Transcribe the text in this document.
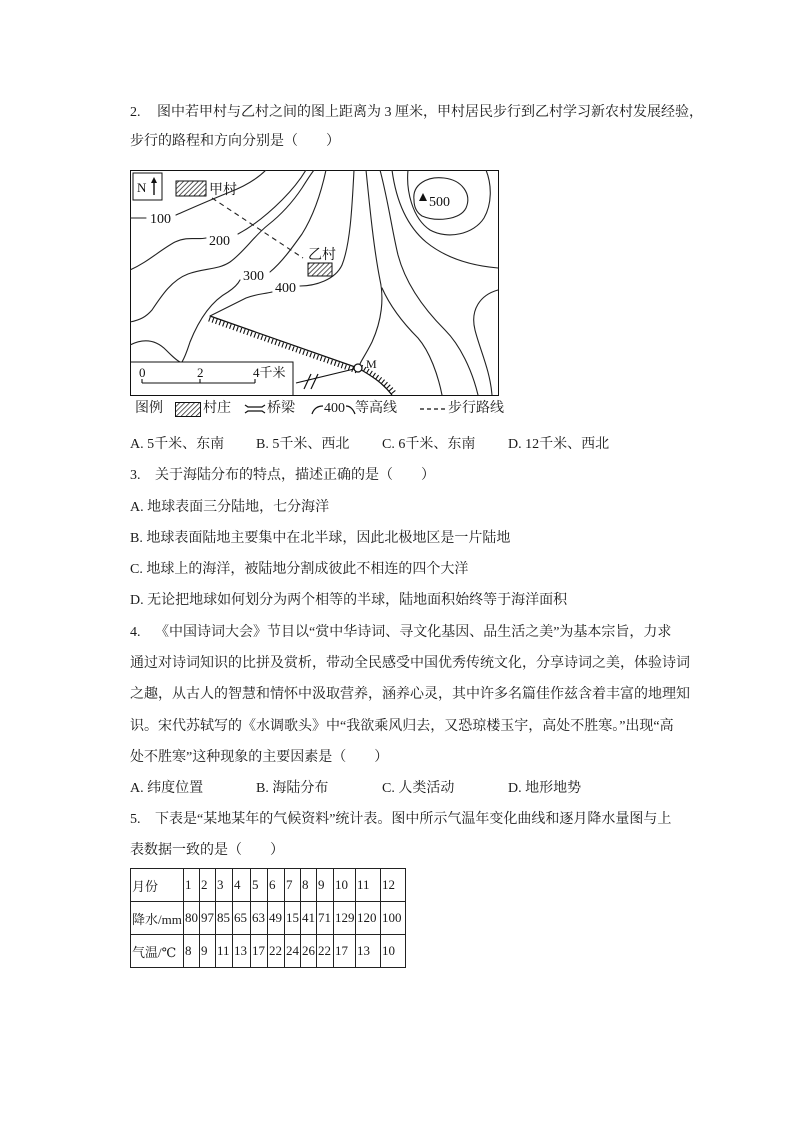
2. 图中若甲村与乙村之间的图上距离为 3 厘米，甲村居民步行到乙村学习新农村发展经验，
步行的路程和方向分别是（　　）
M
N	甲村
乙村
100
200
300
400
500
0	2	4千米
图例	村庄	桥梁 400 等高线	步行路线
A. 5千米、东南 B. 5千米、西北 C. 6千米、东南 D. 12千米、西北
3. 关于海陆分布的特点，描述正确的是（　　）
A. 地球表面三分陆地，七分海洋
B. 地球表面陆地主要集中在北半球，因此北极地区是一片陆地
C. 地球上的海洋，被陆地分割成彼此不相连的四个大洋
D. 无论把地球如何划分为两个相等的半球，陆地面积始终等于海洋面积
4. 《中国诗词大会》节目以“赏中华诗词、寻文化基因、品生活之美”为基本宗旨，力求
通过对诗词知识的比拼及赏析，带动全民感受中国优秀传统文化，分享诗词之美，体验诗词
之趣，从古人的智慧和情怀中汲取营养，涵养心灵，其中许多名篇佳作兹含着丰富的地理知
识。宋代苏轼写的《水调歌头》中“我欲乘风归去，又恐琼楼玉宇，高处不胜寒。”出现“高
处不胜寒”这种现象的主要因素是（　　）
A. 纬度位置	B. 海陆分布	C. 人类活动	D. 地形地势
5. 下表是“某地某年的气候资料”统计表。图中所示气温年变化曲线和逐月降水量图与上
表数据一致的是（　　）
月份	1	2	3	4	5	6	7	8	9	10	11	12
降水/mm	80	97	85	65	63	49	15	41	71	129	120	100
气温/℃	8	9	11	13	17	22	24	26	22	17	13	10
